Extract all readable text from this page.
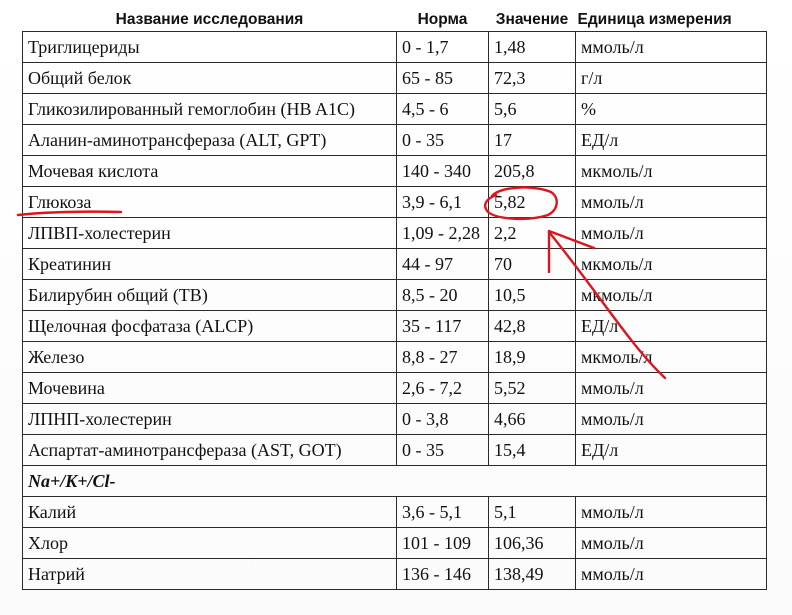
Название исследования	Норма	Значение	Единица измерения
Триглицериды	0 - 1,7	1,48	ммоль/л
Общий белок	65 - 85	72,3	г/л
Гликозилированный гемоглобин (HB A1C)	4,5 - 6	5,6	%
Аланин-аминотрансфераза (ALT, GPT)	0 - 35	17	ЕД/л
Мочевая кислота	140 - 340	205,8	мкмоль/л
Глюкоза	3,9 - 6,1	5,82	ммоль/л
ЛПВП-холестерин	1,09 - 2,28	2,2	ммоль/л
Креатинин	44 - 97	70	мкмоль/л
Билирубин общий (TB)	8,5 - 20	10,5	мкмоль/л
Щелочная фосфатаза (ALCP)	35 - 117	42,8	ЕД/л
Железо	8,8 - 27	18,9	мкмоль/л
Мочевина	2,6 - 7,2	5,52	ммоль/л
ЛПНП-холестерин	0 - 3,8	4,66	ммоль/л
Аспартат-аминотрансфераза (AST, GOT)	0 - 35	15,4	ЕД/л
Na+/K+/Cl-			
Калий	3,6 - 5,1	5,1	ммоль/л
Хлор	101 - 109	106,36	ммоль/л
Натрий	136 - 146	138,49	ммоль/л
